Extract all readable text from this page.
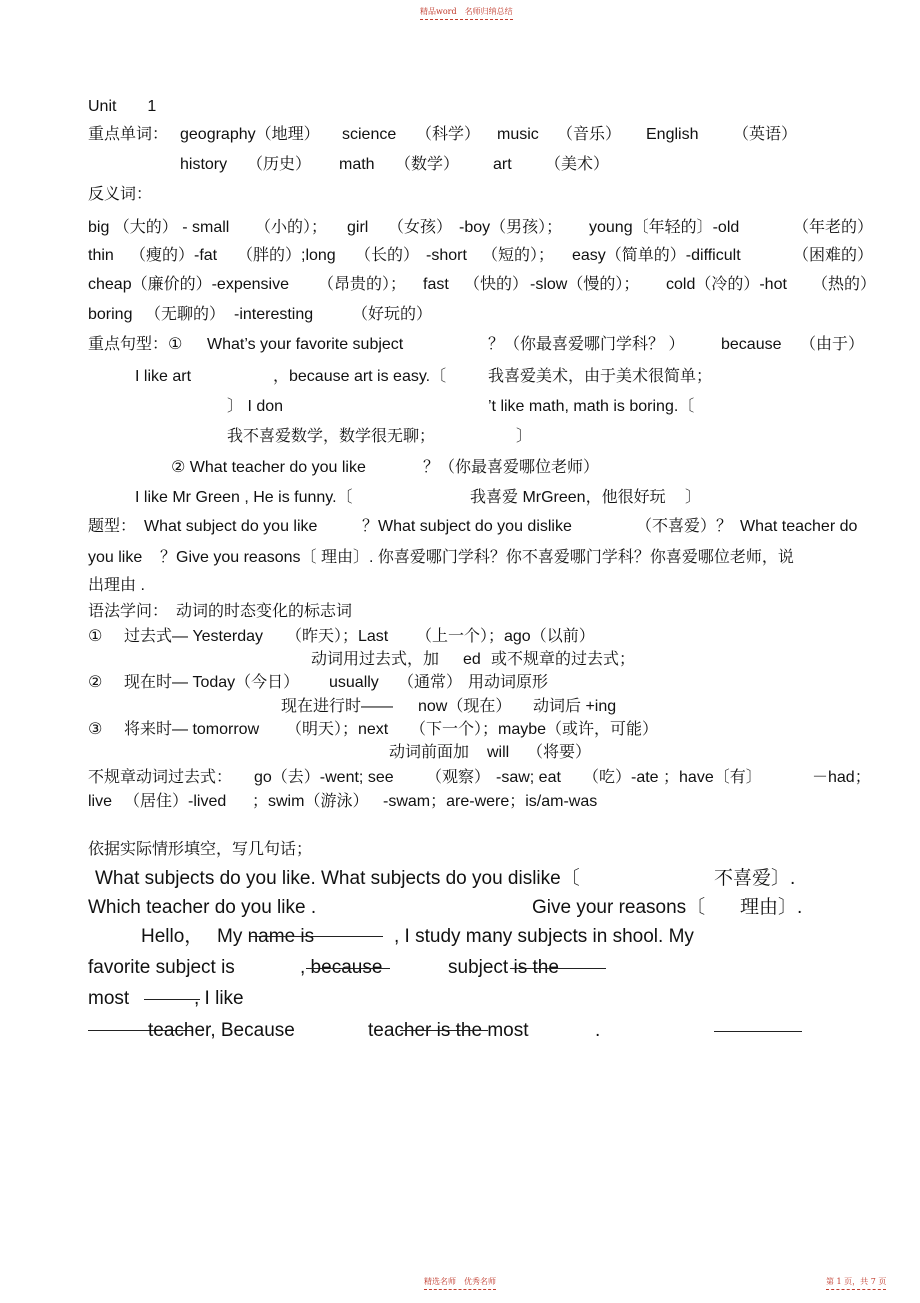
精品word　名师归纳总结
Unit 1
重点单词： geography（地理） science （科学） music （音乐） English （英语）
history （历史） math （数学） art （美术）
反义词：
big （大的） - small （小的）； girl （女孩） -boy（男孩）； young〔年轻的〕-old	（年老的）
thin （瘦的）-fat （胖的）;long （长的） -short （短的）； easy（简单的）-difficult	（困难的）
cheap（廉价的）-expensive （昂贵的）； fast （快的） -slow（慢的）； cold（冷的）-hot （热的）
boring （无聊的） -interesting （好玩的）
重点句型：① What’s your favorite subject	？（你最喜爱哪门学科？ ） because （由于）
I like art	，because art is easy.〔	我喜爱美术，由于美术很简单；
〕 I don	’t like math, math is boring.〔
我不喜爱数学，数学很无聊；	〕
② What teacher do you like	？（你最喜爱哪位老师）
I like Mr Green , He is funny.〔	我喜爱 MrGreen，他很好玩 〕
题型： What subject do you like	？What subject do you dislike	（不喜爱）？ What teacher do
you like ？Give you reasons〔 理由〕. 你喜爱哪门学科？你不喜爱哪门学科？你喜爱哪位老师，说
出理由 .
语法学问：　动词的时态变化的标志词
① 过去式— Yesterday （昨天）；Last （上一个）；ago（以前）
动词用过去式，加 ed 或不规章的过去式；
② 现在时— Today（今日） usually （通常） 用动词原形
现在进行时—— now（现在） 动词后 +ing
③ 将来时— tomorrow （明天）；next （下一个）；maybe（或许，可能）
动词前面加 will （将要）
不规章动词过去式： go（去）-went; see （观察） -saw; eat （吃）-ate ；have〔有〕	－had；
live （居住）-lived ；swim（游泳） -swam；are-were；is/am-was
依据实际情形填空，写几句话；
What subjects do you like. What subjects do you dislike〔	不喜爱〕.
Which teacher do you like .	Give your reasons〔 理由〕.
Hello， My name is	, I study many subjects in shool. My
favorite subject is	, because	subject is the
most	, I like
teacher, Because	teacher is the most	.
精选名师　优秀名师	第 1 页，共 7 页
